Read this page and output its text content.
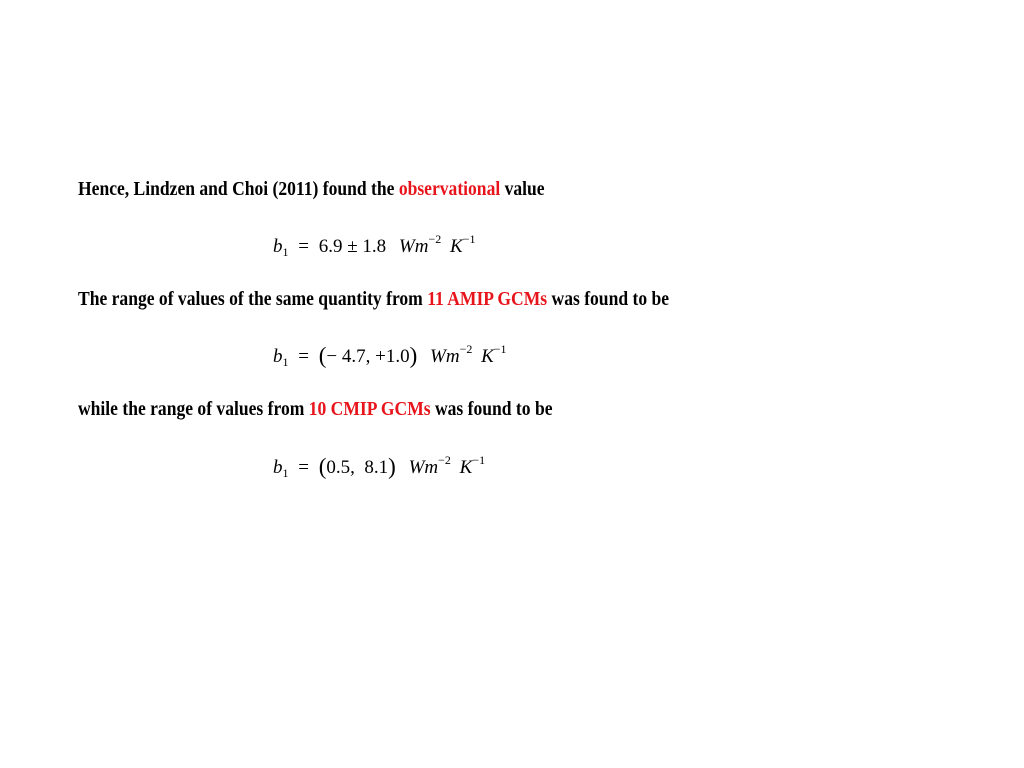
Hence, Lindzen and Choi (2011) found the observational value
$b_1 = 6.9 \pm 1.8$ $Wm^{-2}$ $K^{-1}$
The range of values of the same quantity from 11 AMIP GCMs was found to be
$b_1$ = (− 4.7, +1.0) $Wm^{-2}$ $K^{-1}$
while the range of values from 10 CMIP GCMs was found to be
$b_1 = (0.5$,  8.1) $Wm^{-2}$ $K^{-1}$
